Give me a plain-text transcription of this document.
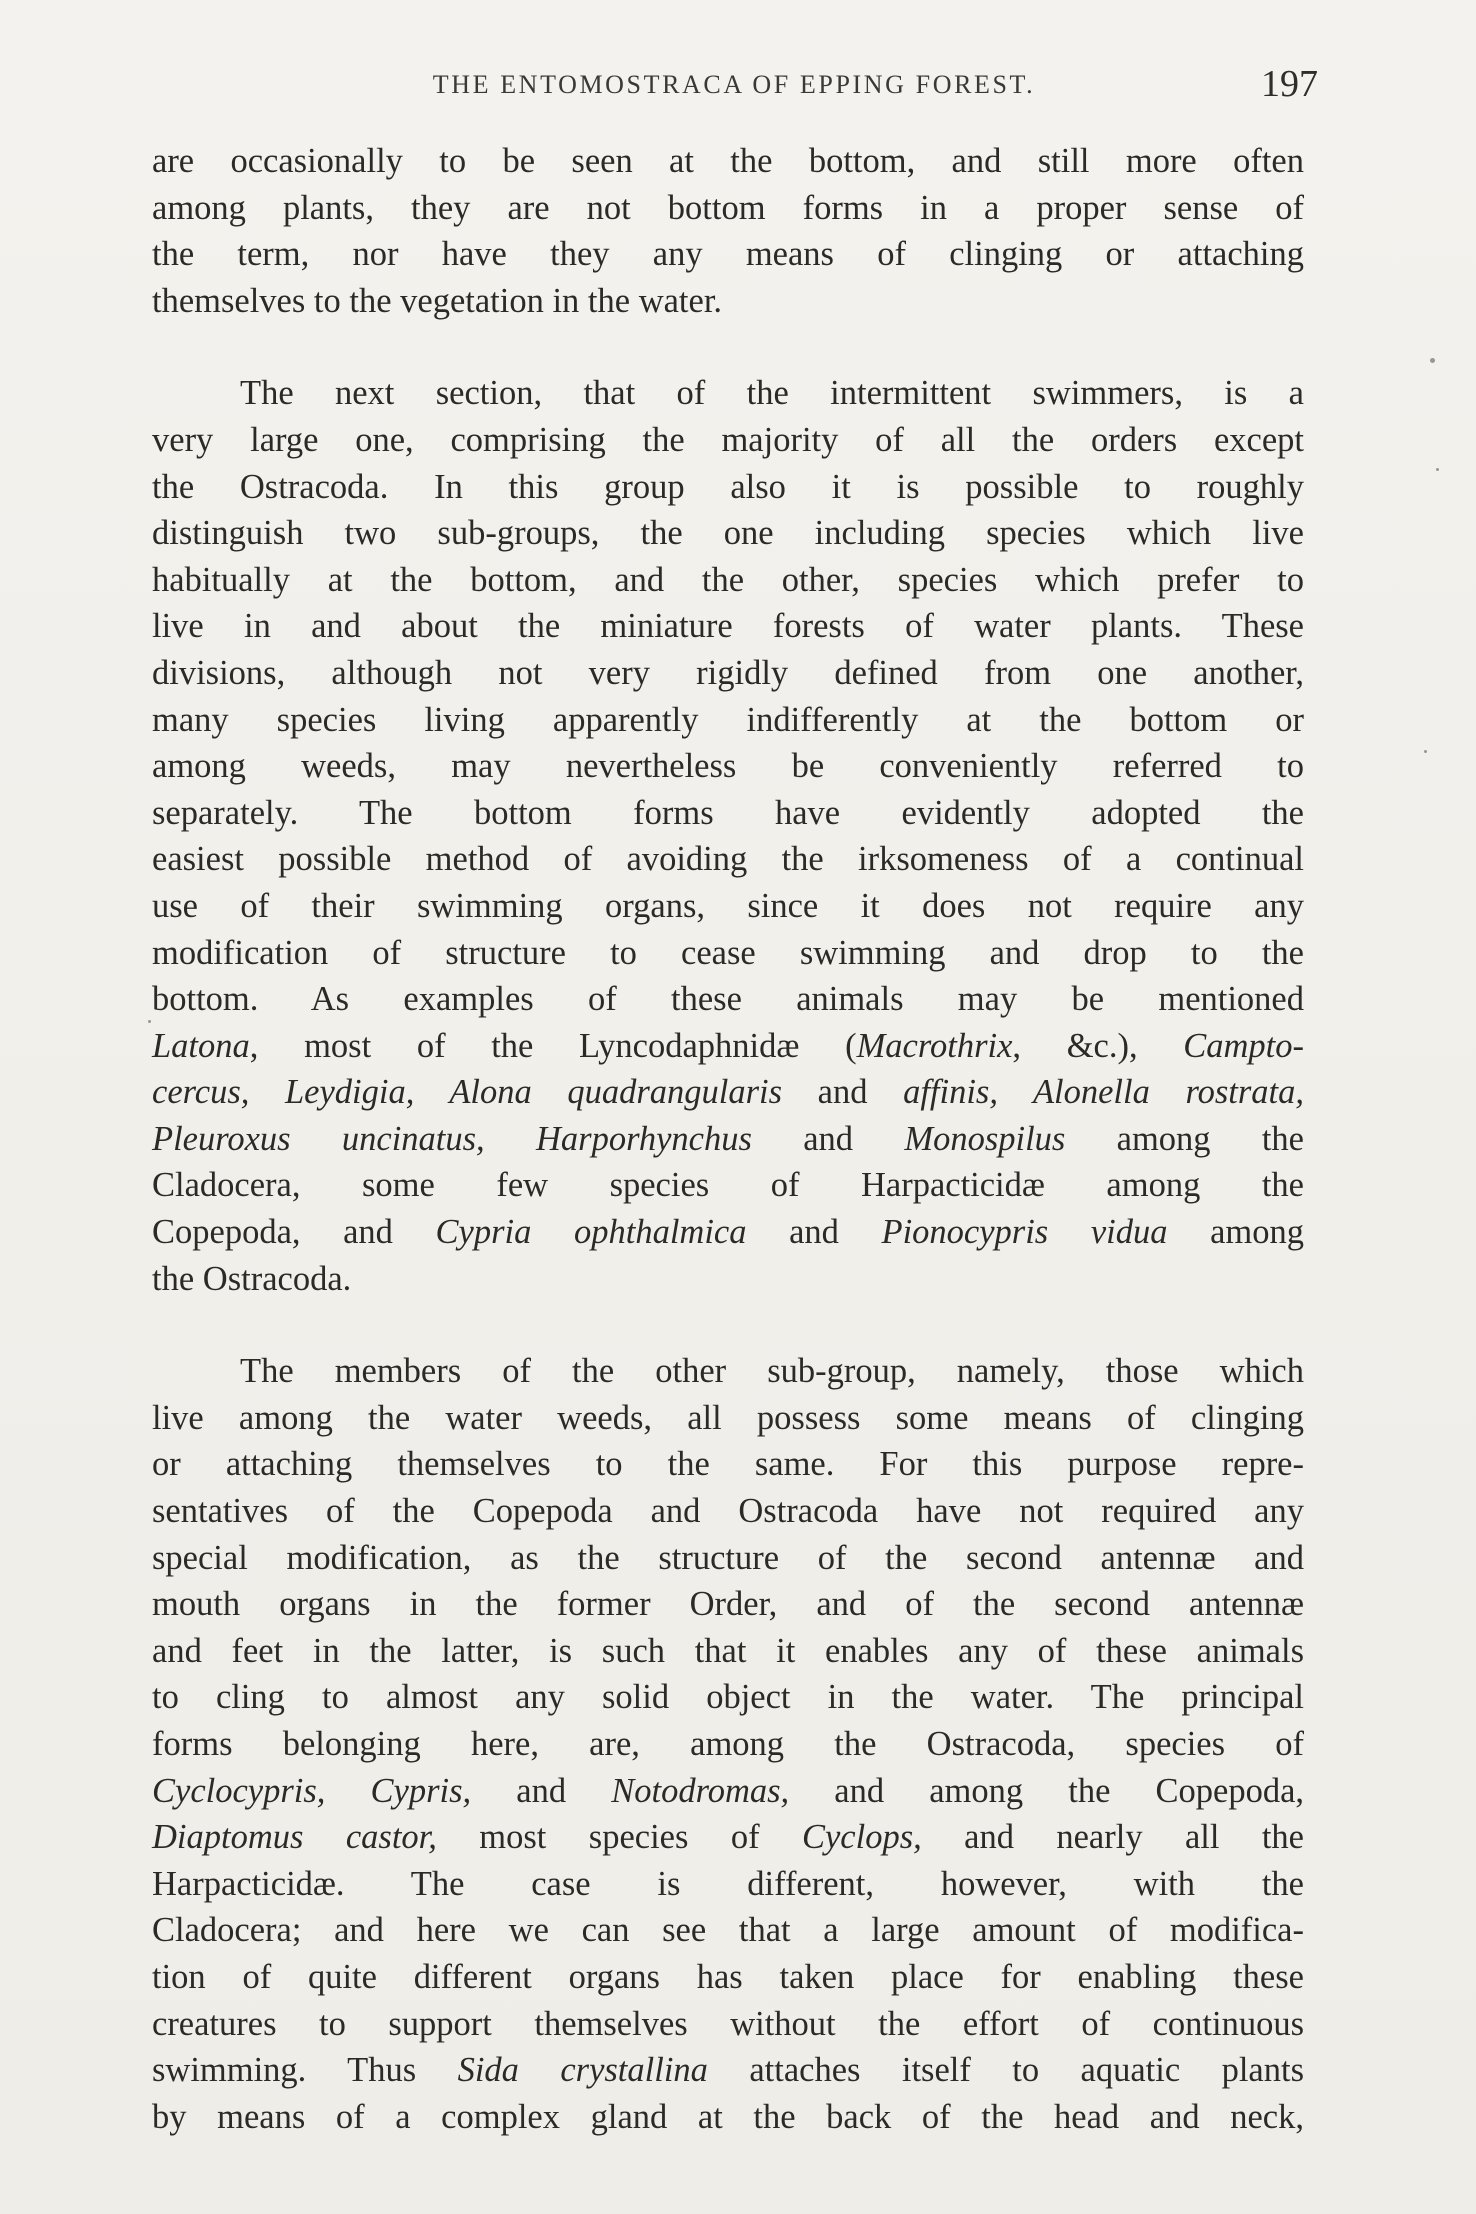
THE ENTOMOSTRACA OF EPPING FOREST.	197

are occasionally to be seen at the bottom, and still more often
among plants, they are not bottom forms in a proper sense of
the term, nor have they any means of clinging or attaching
themselves to the vegetation in the water.

The next section, that of the intermittent swimmers, is a
very large one, comprising the majority of all the orders except
the Ostracoda. In this group also it is possible to roughly
distinguish two sub-groups, the one including species which live
habitually at the bottom, and the other, species which prefer to
live in and about the miniature forests of water plants. These
divisions, although not very rigidly defined from one another,
many species living apparently indifferently at the bottom or
among weeds, may nevertheless be conveniently referred to
separately. The bottom forms have evidently adopted the
easiest possible method of avoiding the irksomeness of a continual
use of their swimming organs, since it does not require any
modification of structure to cease swimming and drop to the
bottom. As examples of these animals may be mentioned
Latona, most of the Lyncodaphnidæ (Macrothrix, &c.), Campto-
cercus, Leydigia, Alona quadrangularis and affinis, Alonella rostrata,
Pleuroxus uncinatus, Harporhynchus and Monospilus among the
Cladocera, some few species of Harpacticidæ among the
Copepoda, and Cypria ophthalmica and Pionocypris vidua among
the Ostracoda.

The members of the other sub-group, namely, those which
live among the water weeds, all possess some means of clinging
or attaching themselves to the same. For this purpose repre-
sentatives of the Copepoda and Ostracoda have not required any
special modification, as the structure of the second antennæ and
mouth organs in the former Order, and of the second antennæ
and feet in the latter, is such that it enables any of these animals
to cling to almost any solid object in the water. The principal
forms belonging here, are, among the Ostracoda, species of
Cyclocypris, Cypris, and Notodromas, and among the Copepoda,
Diaptomus castor, most species of Cyclops, and nearly all the
Harpacticidæ. The case is different, however, with the
Cladocera; and here we can see that a large amount of modifica-
tion of quite different organs has taken place for enabling these
creatures to support themselves without the effort of continuous
swimming. Thus Sida crystallina attaches itself to aquatic plants
by means of a complex gland at the back of the head and neck,
